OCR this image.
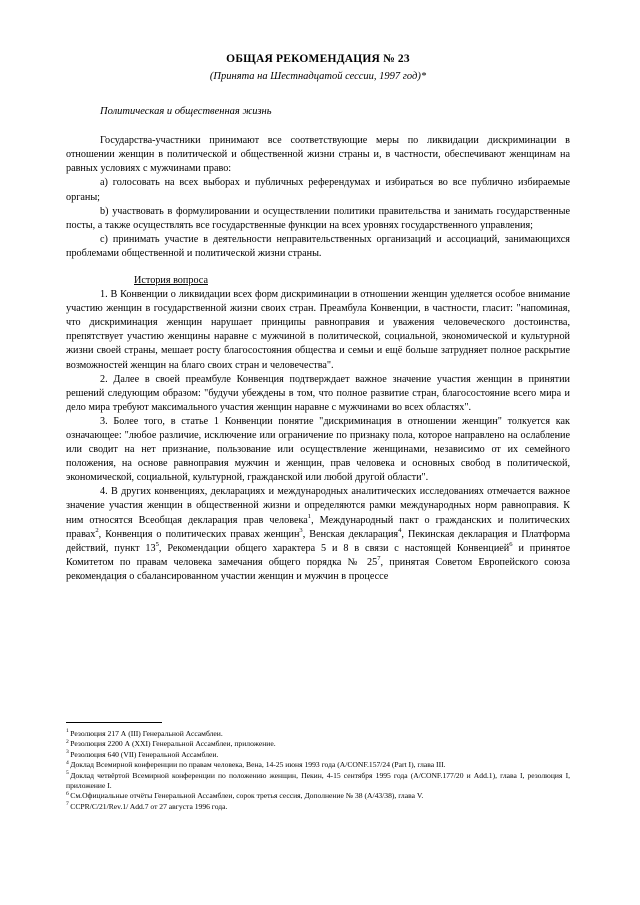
ОБЩАЯ РЕКОМЕНДАЦИЯ № 23
(Принята на Шестнадцатой сессии, 1997 год)*
Политическая и общественная жизнь

Государства-участники принимают все соответствующие меры по ликвидации дискриминации в отношении женщин в политической и общественной жизни страны и, в частности, обеспечивают женщинам на равных условиях с мужчинами право:

а) голосовать на всех выборах и публичных референдумах и избираться во все публично избираемые органы;

b) участвовать в формулировании и осуществлении политики правительства и занимать государственные посты, а также осуществлять все государственные функции на всех уровнях государственного управления;

c) принимать участие в деятельности неправительственных организаций и ассоциаций, занимающихся проблемами общественной и политической жизни страны.

История вопроса

1. В Конвенции о ликвидации всех форм дискриминации в отношении женщин уделяется особое внимание участию женщин в государственной жизни своих стран. Преамбула Конвенции, в частности, гласит: "напоминая, что дискриминация женщин нарушает принципы равноправия и уважения человеческого достоинства, препятствует участию женщины наравне с мужчиной в политической, социальной, экономической и культурной жизни своей страны, мешает росту благосостояния общества и семьи и ещё больше затрудняет полное раскрытие возможностей женщин на благо своих стран и человечества".

2. Далее в своей преамбуле Конвенция подтверждает важное значение участия женщин в принятии решений следующим образом: "будучи убеждены в том, что полное развитие стран, благосостояние всего мира и дело мира требуют максимального участия женщин наравне с мужчинами во всех областях".

3. Более того, в статье 1 Конвенции понятие "дискриминация в отношении женщин" толкуется как означающее: "любое различие, исключение или ограничение по признаку пола, которое направлено на ослабление или сводит на нет признание, пользование или осуществление женщинами, независимо от их семейного положения, на основе равноправия мужчин и женщин, прав человека и основных свобод в политической, экономической, социальной, культурной, гражданской или любой другой области".

4. В других конвенциях, декларациях и международных аналитических исследованиях отмечается важное значение участия женщин в общественной жизни и определяются рамки международных норм равноправия. К ним относятся Всеобщая декларация прав человека$^1$, Международный пакт о гражданских и политических правах$^2$, Конвенция о политических правах женщин$^3$, Венская декларация$^4$, Пекинская декларация и Платформа действий, пункт 13$^5$, Рекомендации общего характера 5 и 8 в связи с настоящей Конвенцией$^6$ и принятое Комитетом по правам человека замечания общего порядка № 25$^7$, принятая Советом Европейского союза рекомендация о сбалансированном участии женщин и мужчин в процессе

$^1$ Резолюция 217 А (III) Генеральной Ассамблеи.

$^2$ Резолюция 2200 А (XXI) Генеральной Ассамблеи, приложение.

$^3$ Резолюция 640 (VII) Генеральной Ассамблеи.

$^4$ Доклад Всемирной конференции по правам человека, Вена, 14-25 июня 1993 года (A/CONF.157/24 (Part I), глава III.

$^5$ Доклад четвёртой Всемирной конференции по положению женщин, Пекин, 4-15 сентября 1995 года (A/CONF.177/20 и Add.1), глава I, резолюция I, приложение I.

$^6$ См.Официальные отчёты Генеральной Ассамблеи, сорок третья сессия, Дополнение № 38 (A/43/38), глава V.

$^7$ CCPR/C/21/Rev.1/ Add.7 от 27 августа 1996 года.
